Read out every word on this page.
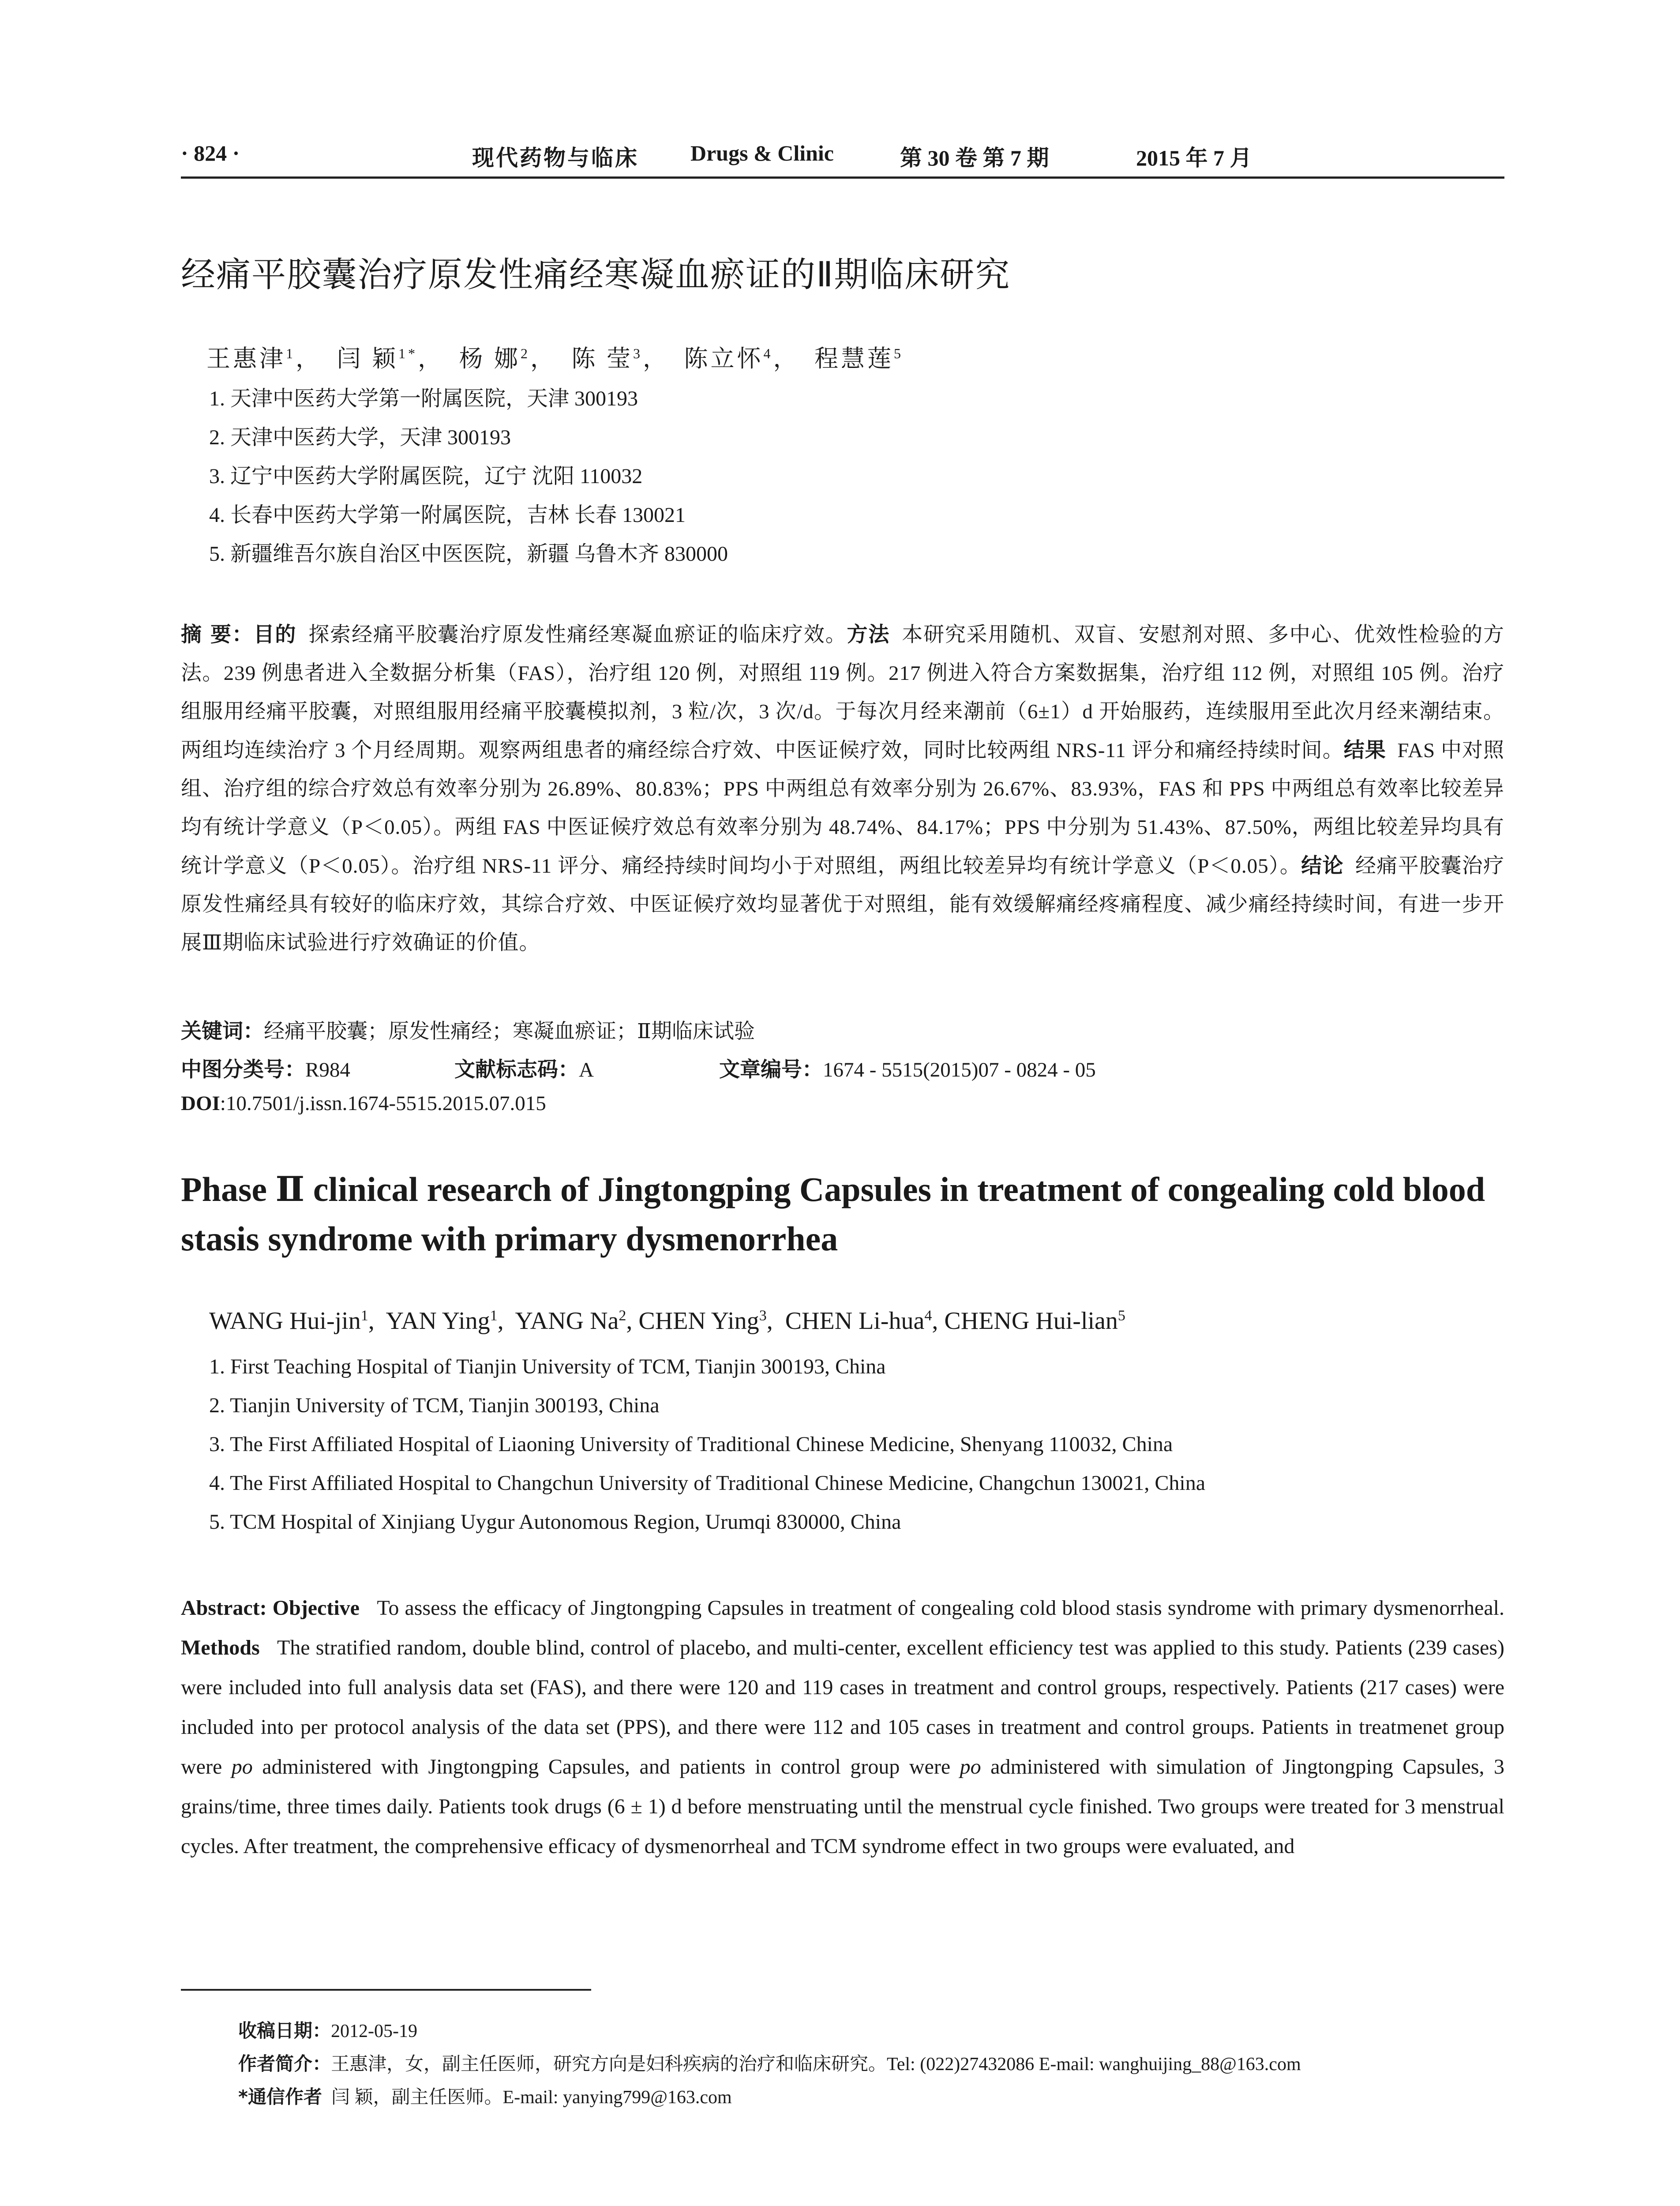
· 824 ·	现代药物与临床 Drugs & Clinic	第 30 卷 第 7 期	2015 年 7 月
经痛平胶囊治疗原发性痛经寒凝血瘀证的Ⅱ期临床研究
王惠津$^1$， 闫 颖$^{1*}$， 杨 娜$^2$， 陈 莹$^3$， 陈立怀$^4$， 程慧莲$^5$
1. 天津中医药大学第一附属医院，天津 300193
2. 天津中医药大学，天津 300193
3. 辽宁中医药大学附属医院，辽宁 沈阳 110032
4. 长春中医药大学第一附属医院，吉林 长春 130021
5. 新疆维吾尔族自治区中医医院，新疆 乌鲁木齐 830000
摘 要：目的 探索经痛平胶囊治疗原发性痛经寒凝血瘀证的临床疗效。方法 本研究采用随机、双盲、安慰剂对照、多中心、优效性检验的方法。239 例患者进入全数据分析集（FAS），治疗组 120 例，对照组 119 例。217 例进入符合方案数据集，治疗组 112 例，对照组 105 例。治疗组服用经痛平胶囊，对照组服用经痛平胶囊模拟剂，3 粒/次，3 次/d。于每次月经来潮前（6±1）d 开始服药，连续服用至此次月经来潮结束。两组均连续治疗 3 个月经周期。观察两组患者的痛经综合疗效、中医证候疗效，同时比较两组 NRS-11 评分和痛经持续时间。结果 FAS 中对照组、治疗组的综合疗效总有效率分别为 26.89%、80.83%；PPS 中两组总有效率分别为 26.67%、83.93%，FAS 和 PPS 中两组总有效率比较差异均有统计学意义（P＜0.05）。两组 FAS 中医证候疗效总有效率分别为 48.74%、84.17%；PPS 中分别为 51.43%、87.50%，两组比较差异均具有统计学意义（P＜0.05）。治疗组 NRS-11 评分、痛经持续时间均小于对照组，两组比较差异均有统计学意义（P＜0.05）。结论 经痛平胶囊治疗原发性痛经具有较好的临床疗效，其综合疗效、中医证候疗效均显著优于对照组，能有效缓解痛经疼痛程度、减少痛经持续时间，有进一步开展Ⅲ期临床试验进行疗效确证的价值。
关键词：经痛平胶囊；原发性痛经；寒凝血瘀证；Ⅱ期临床试验
中图分类号：R984	文献标志码：A	文章编号：1674 - 5515(2015)07 - 0824 - 05
DOI:10.7501/j.issn.1674-5515.2015.07.015
Phase Ⅱ clinical research of Jingtongping Capsules in treatment of congealing cold blood stasis syndrome with primary dysmenorrhea
WANG Hui-jin$^1$,  YAN Ying$^1$,  YANG Na$^2$, CHEN Ying$^3$,  CHEN Li-hua$^4$, CHENG Hui-lian$^5$
1. First Teaching Hospital of Tianjin University of TCM, Tianjin 300193, China
2. Tianjin University of TCM, Tianjin 300193, China
3. The First Affiliated Hospital of Liaoning University of Traditional Chinese Medicine, Shenyang 110032, China
4. The First Affiliated Hospital to Changchun University of Traditional Chinese Medicine, Changchun 130021, China
5. TCM Hospital of Xinjiang Uygur Autonomous Region, Urumqi 830000, China
Abstract: Objective To assess the efficacy of Jingtongping Capsules in treatment of congealing cold blood stasis syndrome with primary dysmenorrheal. Methods The stratified random, double blind, control of placebo, and multi-center, excellent efficiency test was applied to this study. Patients (239 cases) were included into full analysis data set (FAS), and there were 120 and 119 cases in treatment and control groups, respectively. Patients (217 cases) were included into per protocol analysis of the data set (PPS), and there were 112 and 105 cases in treatment and control groups. Patients in treatmenet group were po administered with Jingtongping Capsules, and patients in control group were po administered with simulation of Jingtongping Capsules, 3 grains/time, three times daily. Patients took drugs (6 ± 1) d before menstruating until the menstrual cycle finished. Two groups were treated for 3 menstrual cycles. After treatment, the comprehensive efficacy of dysmenorrheal and TCM syndrome effect in two groups were evaluated, and
收稿日期：2012-05-19
作者简介：王惠津，女，副主任医师，研究方向是妇科疾病的治疗和临床研究。Tel: (022)27432086 E-mail: wanghuijing_88@163.com
*通信作者 闫 颖，副主任医师。E-mail: yanying799@163.com
